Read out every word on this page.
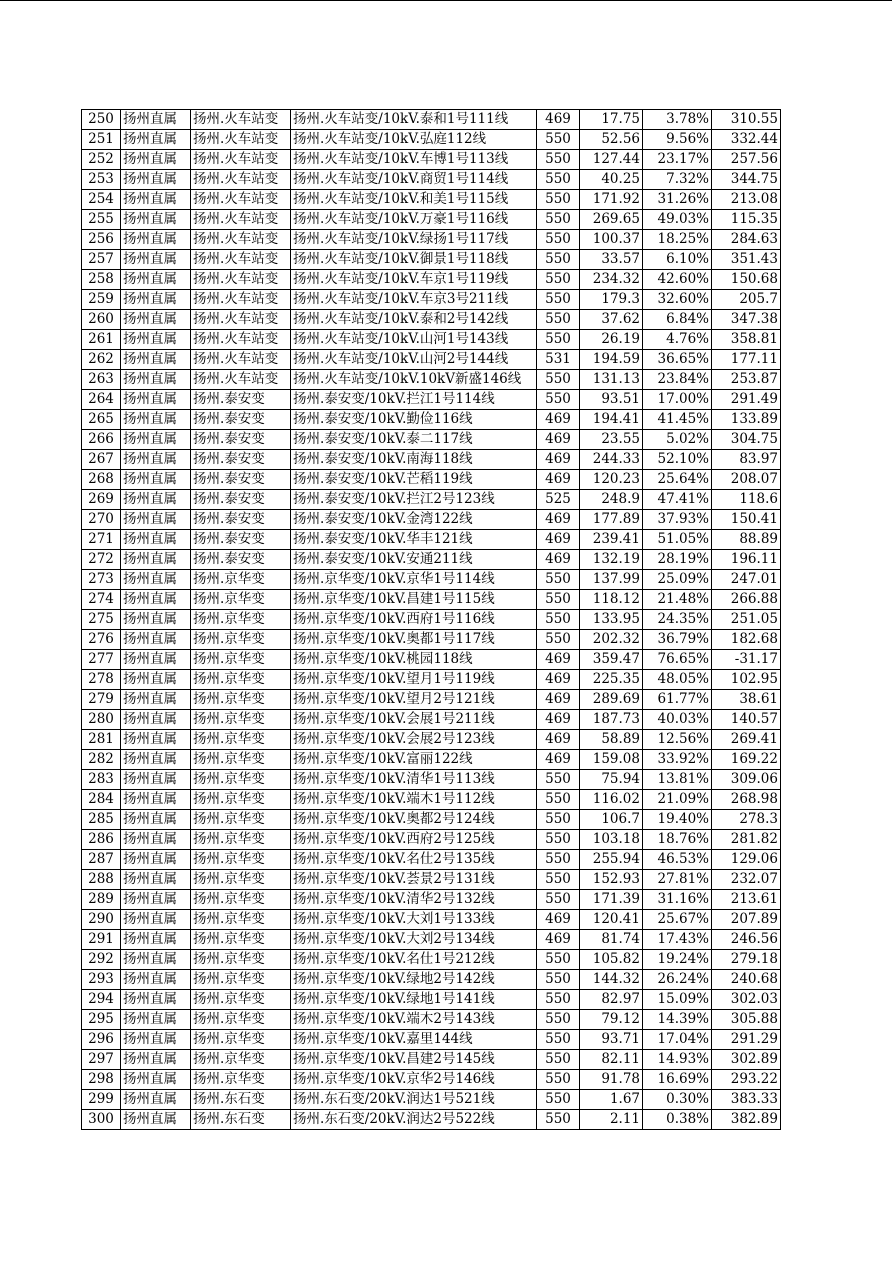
250	扬州直属	扬州.火车站变	扬州.火车站变/10kV.泰和1号111线	469	17.75	3.78%	310.55
251	扬州直属	扬州.火车站变	扬州.火车站变/10kV.弘庭112线	550	52.56	9.56%	332.44
252	扬州直属	扬州.火车站变	扬州.火车站变/10kV.车博1号113线	550	127.44	23.17%	257.56
253	扬州直属	扬州.火车站变	扬州.火车站变/10kV.商贸1号114线	550	40.25	7.32%	344.75
254	扬州直属	扬州.火车站变	扬州.火车站变/10kV.和美1号115线	550	171.92	31.26%	213.08
255	扬州直属	扬州.火车站变	扬州.火车站变/10kV.万豪1号116线	550	269.65	49.03%	115.35
256	扬州直属	扬州.火车站变	扬州.火车站变/10kV.绿扬1号117线	550	100.37	18.25%	284.63
257	扬州直属	扬州.火车站变	扬州.火车站变/10kV.御景1号118线	550	33.57	6.10%	351.43
258	扬州直属	扬州.火车站变	扬州.火车站变/10kV.车京1号119线	550	234.32	42.60%	150.68
259	扬州直属	扬州.火车站变	扬州.火车站变/10kV.车京3号211线	550	179.3	32.60%	205.7
260	扬州直属	扬州.火车站变	扬州.火车站变/10kV.泰和2号142线	550	37.62	6.84%	347.38
261	扬州直属	扬州.火车站变	扬州.火车站变/10kV.山河1号143线	550	26.19	4.76%	358.81
262	扬州直属	扬州.火车站变	扬州.火车站变/10kV.山河2号144线	531	194.59	36.65%	177.11
263	扬州直属	扬州.火车站变	扬州.火车站变/10kV.10kV新盛146线	550	131.13	23.84%	253.87
264	扬州直属	扬州.泰安变	扬州.泰安变/10kV.拦江1号114线	550	93.51	17.00%	291.49
265	扬州直属	扬州.泰安变	扬州.泰安变/10kV.勤俭116线	469	194.41	41.45%	133.89
266	扬州直属	扬州.泰安变	扬州.泰安变/10kV.泰二117线	469	23.55	5.02%	304.75
267	扬州直属	扬州.泰安变	扬州.泰安变/10kV.南海118线	469	244.33	52.10%	83.97
268	扬州直属	扬州.泰安变	扬州.泰安变/10kV.芒稻119线	469	120.23	25.64%	208.07
269	扬州直属	扬州.泰安变	扬州.泰安变/10kV.拦江2号123线	525	248.9	47.41%	118.6
270	扬州直属	扬州.泰安变	扬州.泰安变/10kV.金湾122线	469	177.89	37.93%	150.41
271	扬州直属	扬州.泰安变	扬州.泰安变/10kV.华丰121线	469	239.41	51.05%	88.89
272	扬州直属	扬州.泰安变	扬州.泰安变/10kV.安通211线	469	132.19	28.19%	196.11
273	扬州直属	扬州.京华变	扬州.京华变/10kV.京华1号114线	550	137.99	25.09%	247.01
274	扬州直属	扬州.京华变	扬州.京华变/10kV.昌建1号115线	550	118.12	21.48%	266.88
275	扬州直属	扬州.京华变	扬州.京华变/10kV.西府1号116线	550	133.95	24.35%	251.05
276	扬州直属	扬州.京华变	扬州.京华变/10kV.奥都1号117线	550	202.32	36.79%	182.68
277	扬州直属	扬州.京华变	扬州.京华变/10kV.桃园118线	469	359.47	76.65%	-31.17
278	扬州直属	扬州.京华变	扬州.京华变/10kV.望月1号119线	469	225.35	48.05%	102.95
279	扬州直属	扬州.京华变	扬州.京华变/10kV.望月2号121线	469	289.69	61.77%	38.61
280	扬州直属	扬州.京华变	扬州.京华变/10kV.会展1号211线	469	187.73	40.03%	140.57
281	扬州直属	扬州.京华变	扬州.京华变/10kV.会展2号123线	469	58.89	12.56%	269.41
282	扬州直属	扬州.京华变	扬州.京华变/10kV.富丽122线	469	159.08	33.92%	169.22
283	扬州直属	扬州.京华变	扬州.京华变/10kV.清华1号113线	550	75.94	13.81%	309.06
284	扬州直属	扬州.京华变	扬州.京华变/10kV.端木1号112线	550	116.02	21.09%	268.98
285	扬州直属	扬州.京华变	扬州.京华变/10kV.奥都2号124线	550	106.7	19.40%	278.3
286	扬州直属	扬州.京华变	扬州.京华变/10kV.西府2号125线	550	103.18	18.76%	281.82
287	扬州直属	扬州.京华变	扬州.京华变/10kV.名仕2号135线	550	255.94	46.53%	129.06
288	扬州直属	扬州.京华变	扬州.京华变/10kV.荟景2号131线	550	152.93	27.81%	232.07
289	扬州直属	扬州.京华变	扬州.京华变/10kV.清华2号132线	550	171.39	31.16%	213.61
290	扬州直属	扬州.京华变	扬州.京华变/10kV.大刘1号133线	469	120.41	25.67%	207.89
291	扬州直属	扬州.京华变	扬州.京华变/10kV.大刘2号134线	469	81.74	17.43%	246.56
292	扬州直属	扬州.京华变	扬州.京华变/10kV.名仕1号212线	550	105.82	19.24%	279.18
293	扬州直属	扬州.京华变	扬州.京华变/10kV.绿地2号142线	550	144.32	26.24%	240.68
294	扬州直属	扬州.京华变	扬州.京华变/10kV.绿地1号141线	550	82.97	15.09%	302.03
295	扬州直属	扬州.京华变	扬州.京华变/10kV.端木2号143线	550	79.12	14.39%	305.88
296	扬州直属	扬州.京华变	扬州.京华变/10kV.嘉里144线	550	93.71	17.04%	291.29
297	扬州直属	扬州.京华变	扬州.京华变/10kV.昌建2号145线	550	82.11	14.93%	302.89
298	扬州直属	扬州.京华变	扬州.京华变/10kV.京华2号146线	550	91.78	16.69%	293.22
299	扬州直属	扬州.东石变	扬州.东石变/20kV.润达1号521线	550	1.67	0.30%	383.33
300	扬州直属	扬州.东石变	扬州.东石变/20kV.润达2号522线	550	2.11	0.38%	382.89
